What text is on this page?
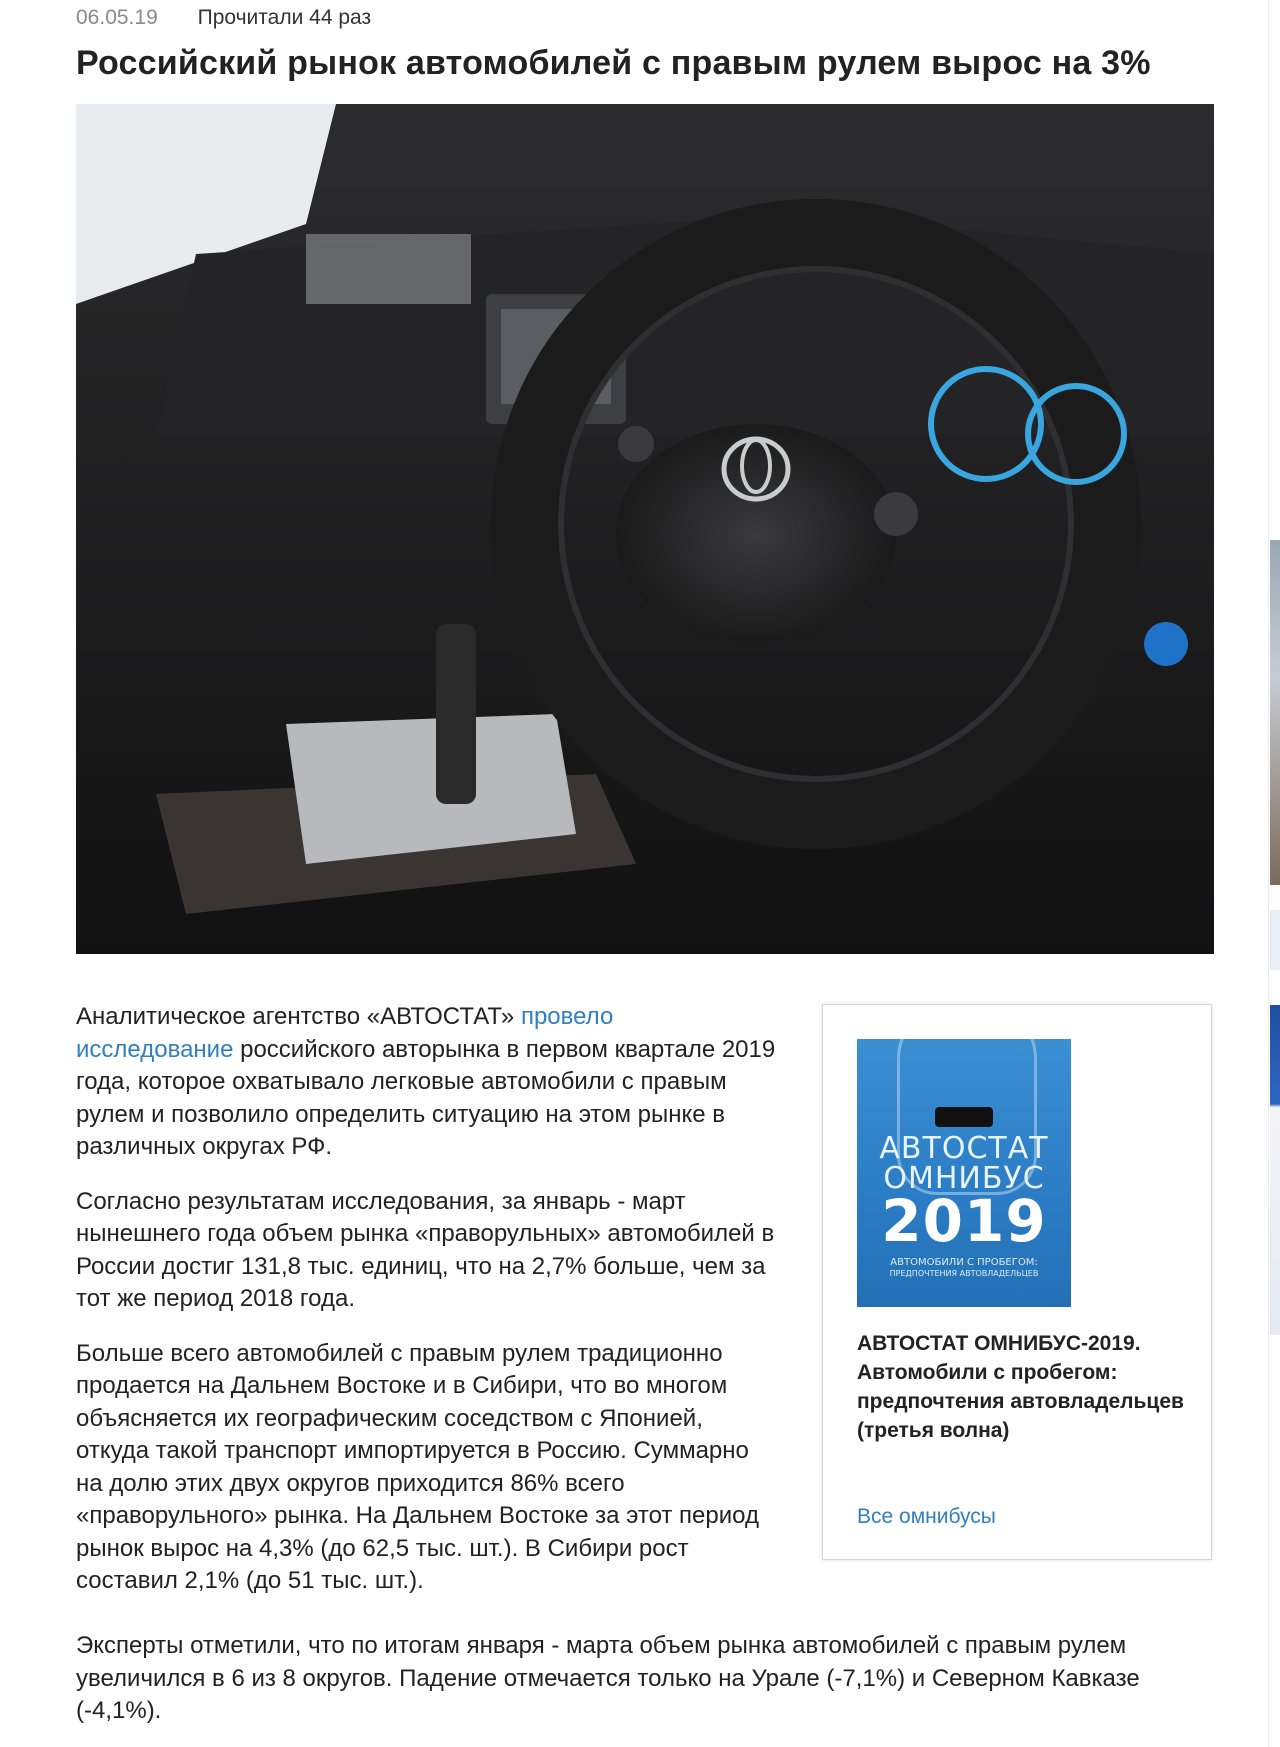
06.05.19 Прочитали 44 раз
Российский рынок автомобилей с правым рулем вырос на 3%

Аналитическое агентство «АВТОСТАТ» провело исследование российского авторынка в первом квартале 2019 года, которое охватывало легковые автомобили с правым рулем и позволило определить ситуацию на этом рынке в различных округах РФ.

Согласно результатам исследования, за январь - март нынешнего года объем рынка «праворульных» автомобилей в России достиг 131,8 тыс. единиц, что на 2,7% больше, чем за тот же период 2018 года.

Больше всего автомобилей с правым рулем традиционно продается на Дальнем Востоке и в Сибири, что во многом объясняется их географическим соседством с Японией, откуда такой транспорт импортируется в Россию. Суммарно на долю этих двух округов приходится 86% всего «праворульного» рынка. На Дальнем Востоке за этот период рынок вырос на 4,3% (до 62,5 тыс. шт.). В Сибири рост составил 2,1% (до 51 тыс. шт.).

Эксперты отметили, что по итогам января - марта объем рынка автомобилей с правым рулем увеличился в 6 из 8 округов. Падение отмечается только на Урале (-7,1%) и Северном Кавказе (-4,1%).

АВТОСТАТ
ОМНИБУС
2019
АВТОМОБИЛИ С ПРОБЕГОМ:
ПРЕДПОЧТЕНИЯ АВТОВЛАДЕЛЬЦЕВ
АВТОСТАТ ОМНИБУС-2019. Автомобили с пробегом: предпочтения автовладельцев (третья волна)
Все омнибусы
